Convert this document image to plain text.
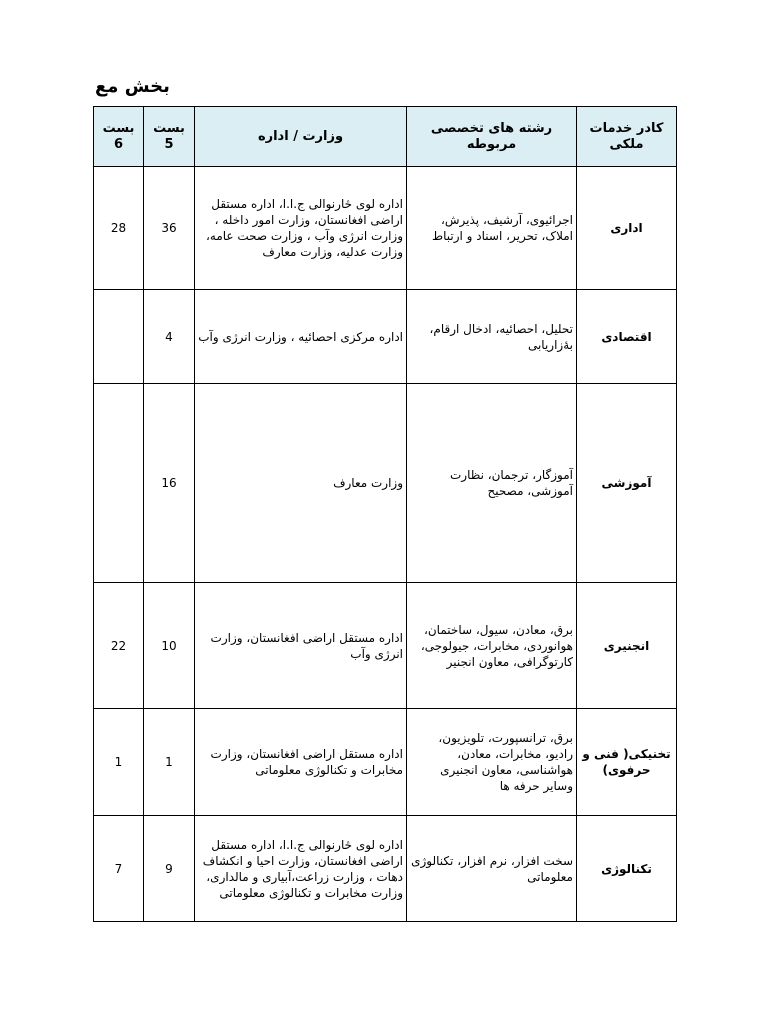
بخش مع
کادر خدمات ملکی	رشته های تخصصی مربوطه	وزارت / اداره	بست 5	بست 6
اداری	اجرائیوی، آرشیف، پذیرش، املاک، تحریر، اسناد و ارتباط	اداره لوی څارنوالی ج.ا.ا، اداره مستقل اراضی افغانستان، وزارت امور داخله ، وزارت انرژی وآب ، وزارت صحت عامه، وزارت عدلیه، وزارت معارف	36	28
اقتصادی	تحلیل، احصائیه، ادخال ارقام، بۀزاریابی	اداره مرکزی احصائیه ، وزارت انرژی وآب	4	
آموزشی	آموزگار، ترجمان، نظارت آموزشی، مصحیح	وزارت معارف	16	
انجنیری	برق، معادن، سیول، ساختمان، هوانوردی، مخابرات، جیولوجی، کارتوگرافی، معاون انجنیر	اداره مستقل اراضی افغانستان، وزارت انرژی وآب	10	22
تخنیکی( فنی و حرفوی)	برق، ترانسپورت، تلویزیون، رادیو، مخابرات، معادن، هواشناسی، معاون انجنیری وسایر حرفه ها	اداره مستقل اراضی افغانستان، وزارت مخابرات و تکنالوژی معلوماتی	1	1
تکنالوژی	سخت افزار، نرم افزار، تکنالوژی معلوماتی	اداره لوی څارنوالی ج.ا.ا، اداره مستقل اراضی افغانستان، وزارت احیا و انکشاف دهات ، وزارت زراعت،آبیاری و مالداری، وزارت مخابرات و تکنالوژی معلوماتی	9	7
